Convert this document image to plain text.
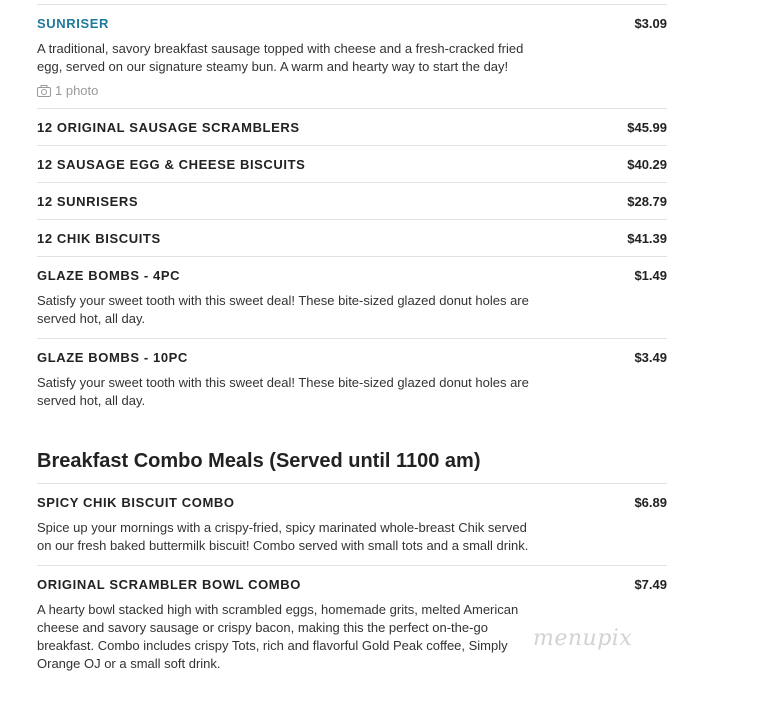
SUNRISER	$3.09
A traditional, savory breakfast sausage topped with cheese and a fresh-cracked fried egg, served on our signature steamy bun. A warm and hearty way to start the day!
1 photo
12 ORIGINAL SAUSAGE SCRAMBLERS	$45.99
12 SAUSAGE EGG & CHEESE BISCUITS	$40.29
12 SUNRISERS	$28.79
12 CHIK BISCUITS	$41.39
GLAZE BOMBS - 4PC	$1.49
Satisfy your sweet tooth with this sweet deal! These bite-sized glazed donut holes are served hot, all day.
GLAZE BOMBS - 10PC	$3.49
Satisfy your sweet tooth with this sweet deal! These bite-sized glazed donut holes are served hot, all day.
Breakfast Combo Meals (Served until 1100 am)
SPICY CHIK BISCUIT COMBO	$6.89
Spice up your mornings with a crispy-fried, spicy marinated whole-breast Chik served on our fresh baked buttermilk biscuit! Combo served with small tots and a small drink.
ORIGINAL SCRAMBLER BOWL COMBO	$7.49
A hearty bowl stacked high with scrambled eggs, homemade grits, melted American cheese and savory sausage or crispy bacon, making this the perfect on-the-go breakfast. Combo includes crispy Tots, rich and flavorful Gold Peak coffee, Simply Orange OJ or a small soft drink.
menupix
